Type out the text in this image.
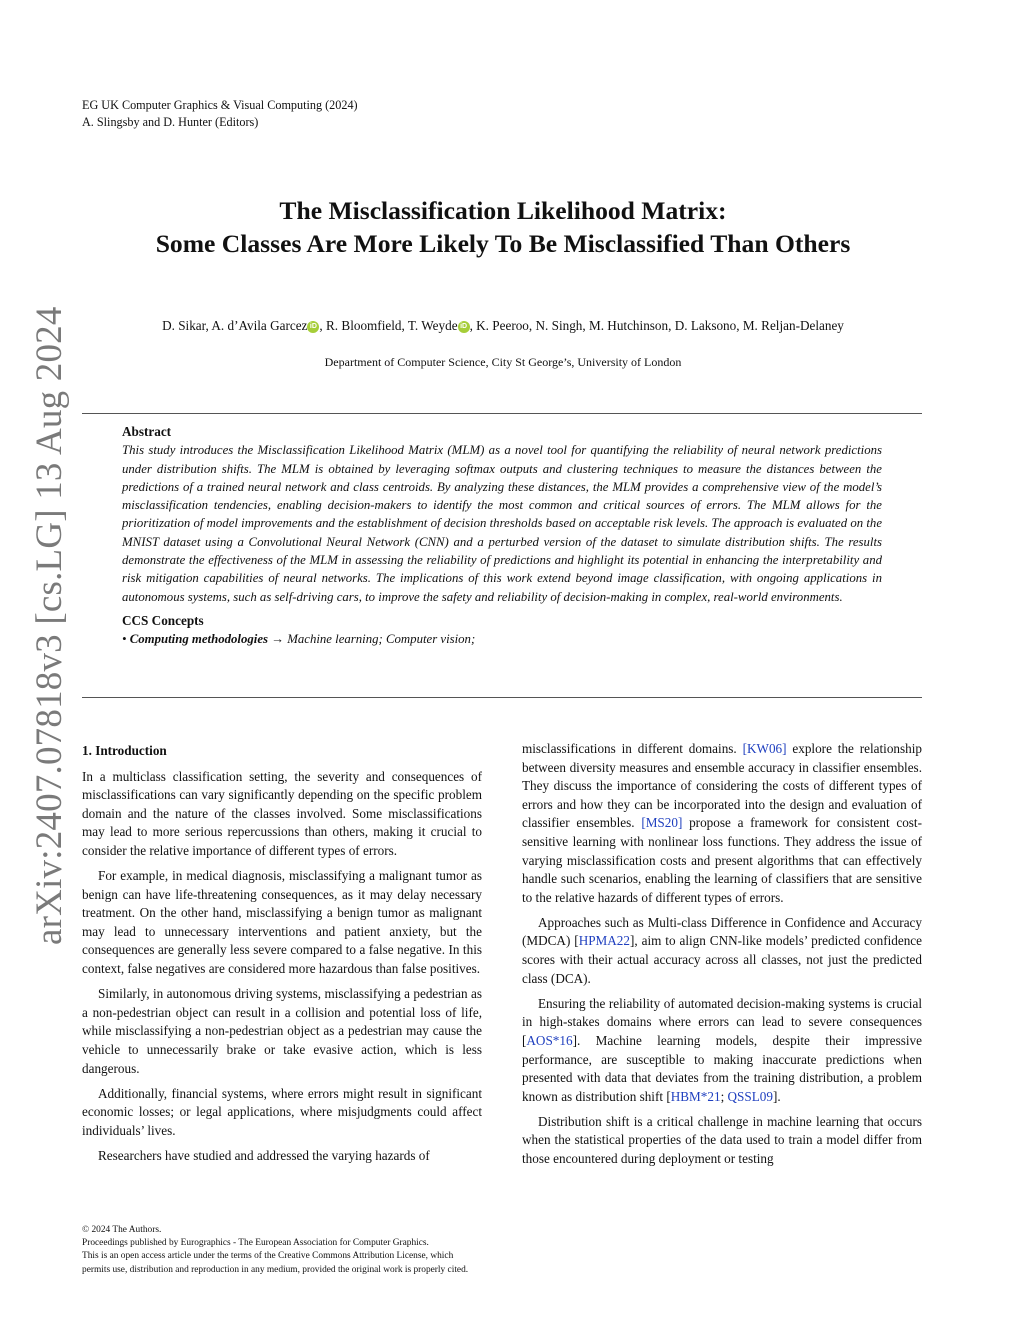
arXiv:2407.07818v3 [cs.LG] 13 Aug 2024
EG UK Computer Graphics & Visual Computing (2024)
A. Slingsby and D. Hunter (Editors)
The Misclassification Likelihood Matrix:
Some Classes Are More Likely To Be Misclassified Than Others
D. Sikar, A. d’Avila Garcez iD , R. Bloomfield, T. Weyde iD , K. Peeroo, N. Singh, M. Hutchinson, D. Laksono, M. Reljan-Delaney
Department of Computer Science, City St George’s, University of London
Abstract
This study introduces the Misclassification Likelihood Matrix (MLM) as a novel tool for quantifying the reliability of neural network predictions under distribution shifts. The MLM is obtained by leveraging softmax outputs and clustering techniques to measure the distances between the predictions of a trained neural network and class centroids. By analyzing these distances, the MLM provides a comprehensive view of the model’s misclassification tendencies, enabling decision-makers to identify the most common and critical sources of errors. The MLM allows for the prioritization of model improvements and the establishment of decision thresholds based on acceptable risk levels. The approach is evaluated on the MNIST dataset using a Convolutional Neural Network (CNN) and a perturbed version of the dataset to simulate distribution shifts. The results demonstrate the effectiveness of the MLM in assessing the reliability of predictions and highlight its potential in enhancing the interpretability and risk mitigation capabilities of neural networks. The implications of this work extend beyond image classification, with ongoing applications in autonomous systems, such as self-driving cars, to improve the safety and reliability of decision-making in complex, real-world environments.
CCS Concepts
• Computing methodologies → Machine learning; Computer vision;
1. Introduction

In a multiclass classification setting, the severity and consequences of misclassifications can vary significantly depending on the specific problem domain and the nature of the classes involved. Some misclassifications may lead to more serious repercussions than others, making it crucial to consider the relative importance of different types of errors.

For example, in medical diagnosis, misclassifying a malignant tumor as benign can have life-threatening consequences, as it may delay necessary treatment. On the other hand, misclassifying a benign tumor as malignant may lead to unnecessary interventions and patient anxiety, but the consequences are generally less severe compared to a false negative. In this context, false negatives are considered more hazardous than false positives.

Similarly, in autonomous driving systems, misclassifying a pedestrian as a non-pedestrian object can result in a collision and potential loss of life, while misclassifying a non-pedestrian object as a pedestrian may cause the vehicle to unnecessarily brake or take evasive action, which is less dangerous.

Additionally, financial systems, where errors might result in significant economic losses; or legal applications, where misjudgments could affect individuals’ lives.

Researchers have studied and addressed the varying hazards of

misclassifications in different domains. [KW06] explore the relationship between diversity measures and ensemble accuracy in classifier ensembles. They discuss the importance of considering the costs of different types of errors and how they can be incorporated into the design and evaluation of classifier ensembles. [MS20] propose a framework for consistent cost-sensitive learning with nonlinear loss functions. They address the issue of varying misclassification costs and present algorithms that can effectively handle such scenarios, enabling the learning of classifiers that are sensitive to the relative hazards of different types of errors.

Approaches such as Multi-class Difference in Confidence and Accuracy (MDCA) [HPMA22], aim to align CNN-like models’ predicted confidence scores with their actual accuracy across all classes, not just the predicted class (DCA).

Ensuring the reliability of automated decision-making systems is crucial in high-stakes domains where errors can lead to severe consequences [AOS*16]. Machine learning models, despite their impressive performance, are susceptible to making inaccurate predictions when presented with data that deviates from the training distribution, a problem known as distribution shift [HBM*21; QSSL09].

Distribution shift is a critical challenge in machine learning that occurs when the statistical properties of the data used to train a model differ from those encountered during deployment or testing

© 2024 The Authors.
Proceedings published by Eurographics - The European Association for Computer Graphics.
This is an open access article under the terms of the Creative Commons Attribution License, which permits use, distribution and reproduction in any medium, provided the original work is properly cited.
